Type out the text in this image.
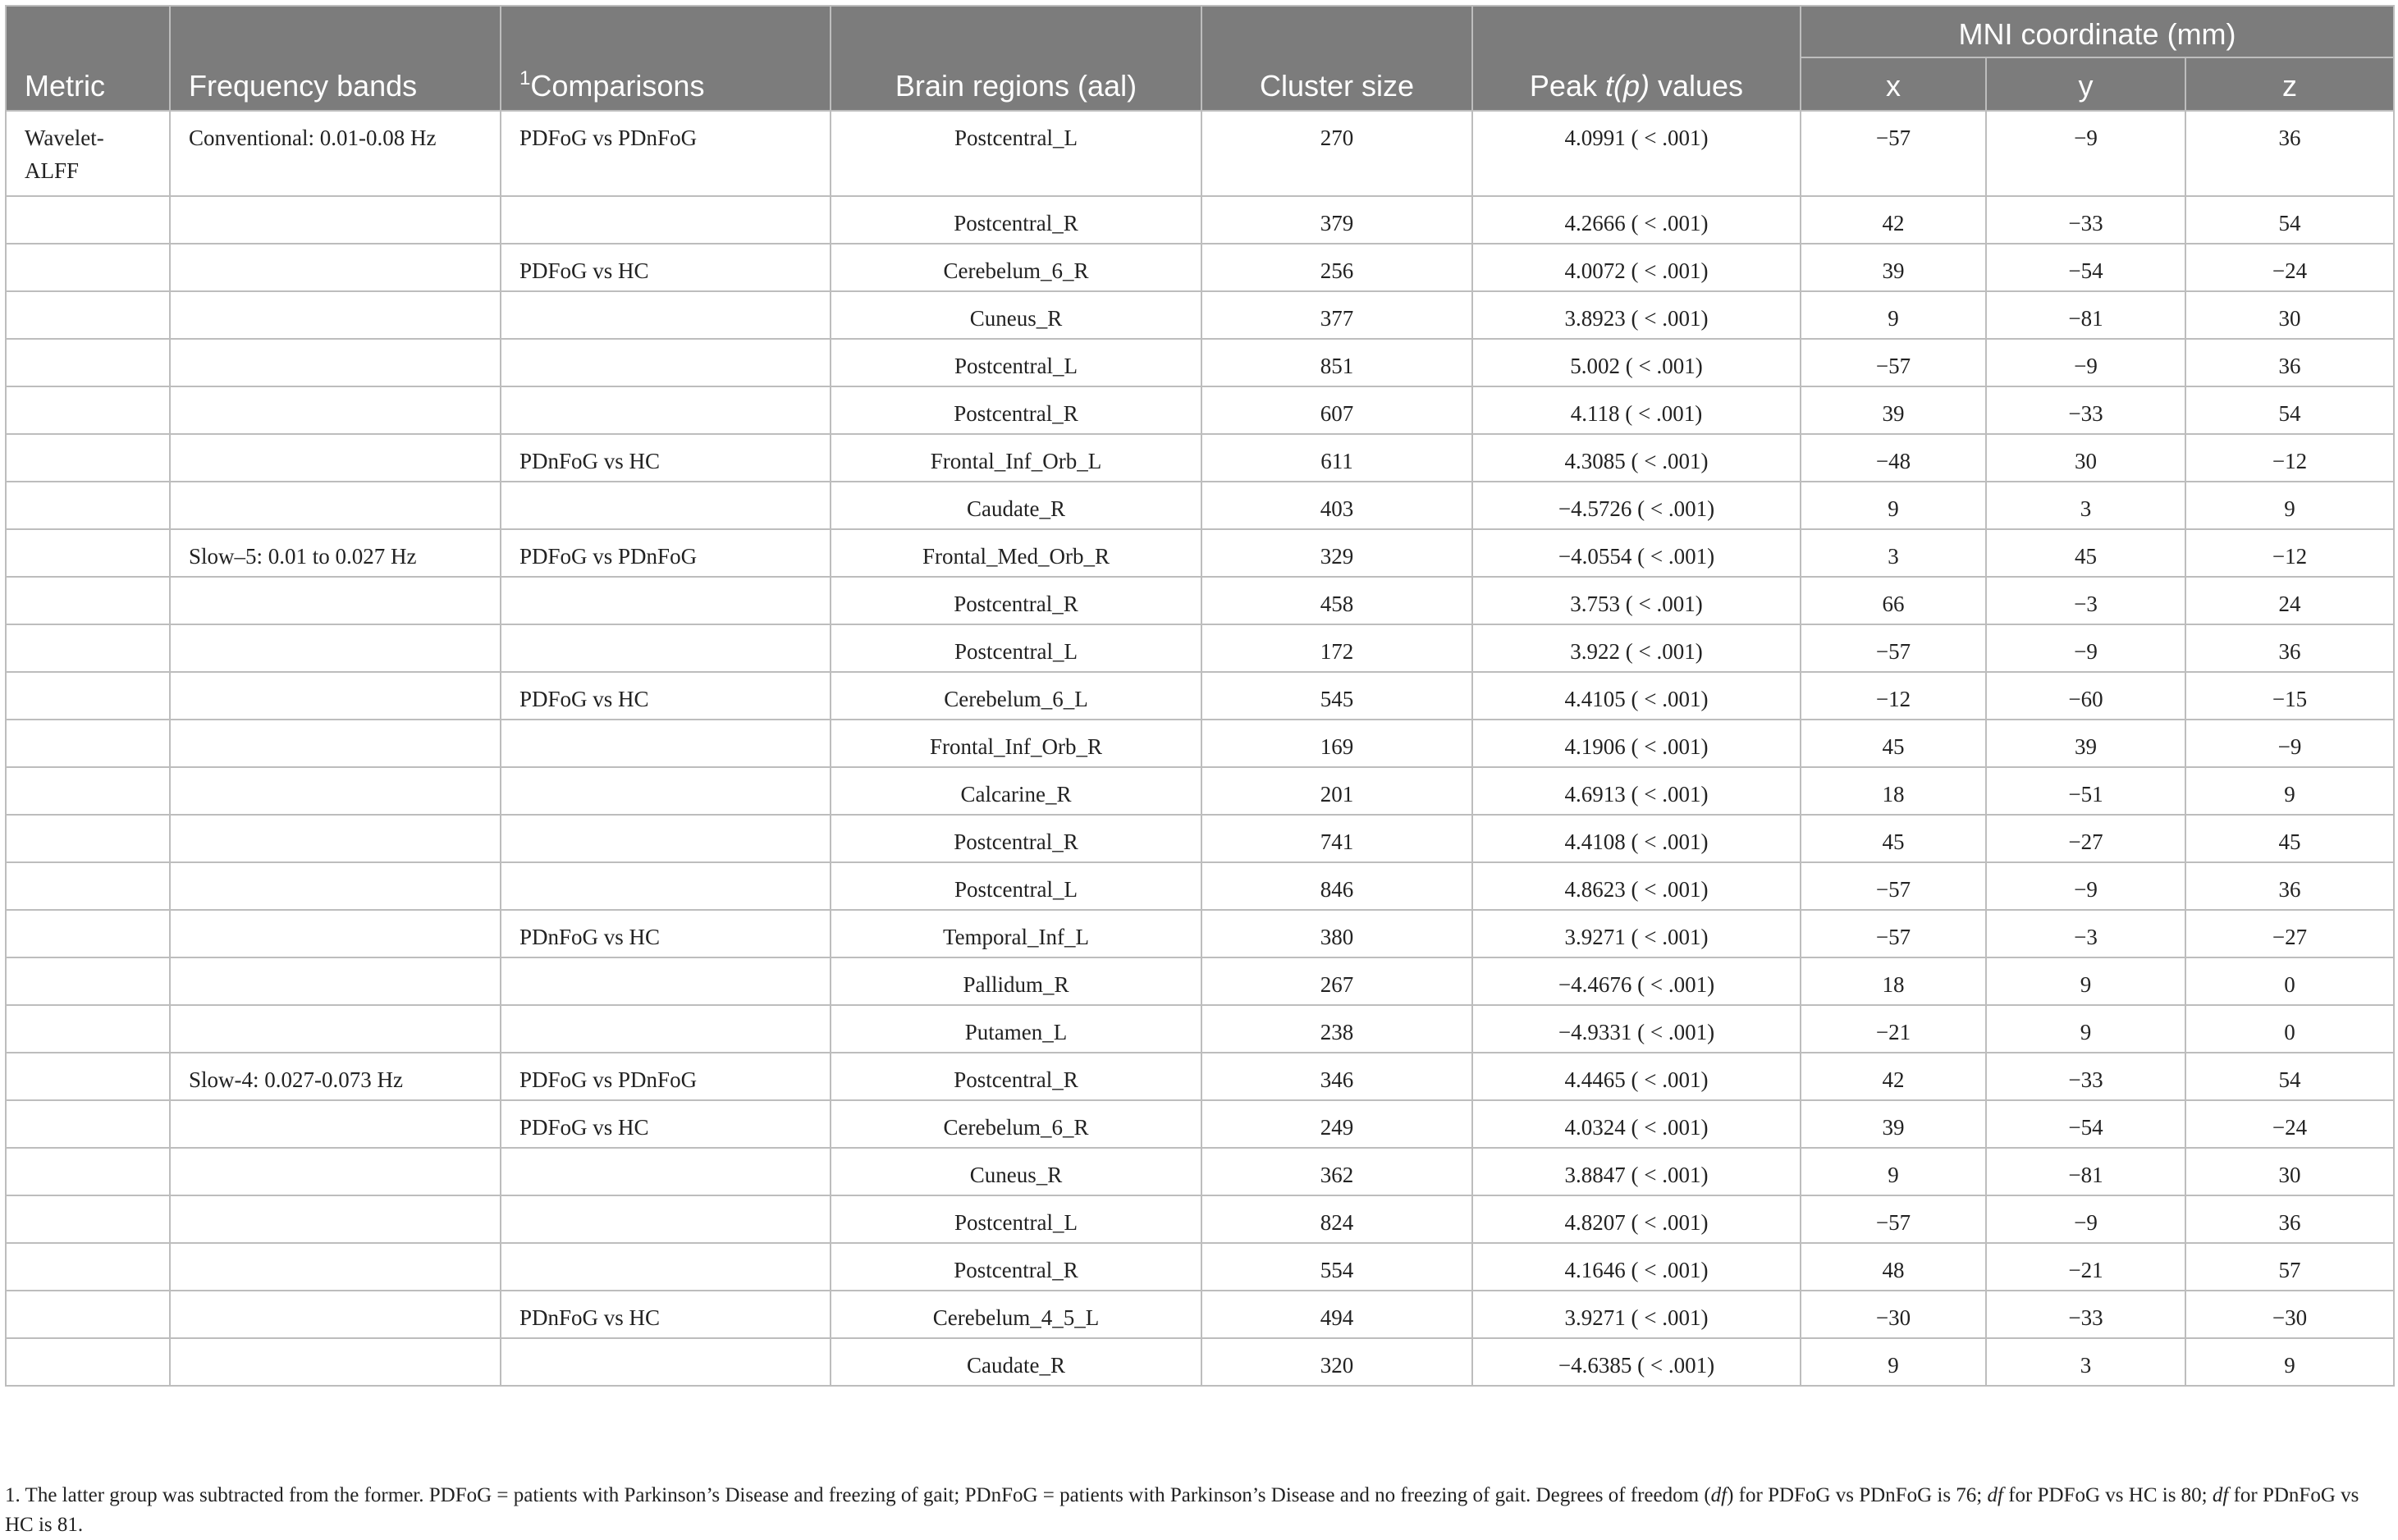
Metric	Frequency bands	$^1$Comparisons	Brain regions (aal)	Cluster size	Peak t(p) values	MNI coordinate (mm)		
						x	y	z
Wavelet-ALFF	Conventional: 0.01-0.08 Hz	PDFoG vs PDnFoG	Postcentral_L	270	4.0991 ( < .001)	−57	−9	36
			Postcentral_R	379	4.2666 ( < .001)	42	−33	54
		PDFoG vs HC	Cerebelum_6_R	256	4.0072 ( < .001)	39	−54	−24
			Cuneus_R	377	3.8923 ( < .001)	9	−81	30
			Postcentral_L	851	5.002 ( < .001)	−57	−9	36
			Postcentral_R	607	4.118 ( < .001)	39	−33	54
		PDnFoG vs HC	Frontal_Inf_Orb_L	611	4.3085 ( < .001)	−48	30	−12
			Caudate_R	403	−4.5726 ( < .001)	9	3	9
	Slow–5: 0.01 to 0.027 Hz	PDFoG vs PDnFoG	Frontal_Med_Orb_R	329	−4.0554 ( < .001)	3	45	−12
			Postcentral_R	458	3.753 ( < .001)	66	−3	24
			Postcentral_L	172	3.922 ( < .001)	−57	−9	36
		PDFoG vs HC	Cerebelum_6_L	545	4.4105 ( < .001)	−12	−60	−15
			Frontal_Inf_Orb_R	169	4.1906 ( < .001)	45	39	−9
			Calcarine_R	201	4.6913 ( < .001)	18	−51	9
			Postcentral_R	741	4.4108 ( < .001)	45	−27	45
			Postcentral_L	846	4.8623 ( < .001)	−57	−9	36
		PDnFoG vs HC	Temporal_Inf_L	380	3.9271 ( < .001)	−57	−3	−27
			Pallidum_R	267	−4.4676 ( < .001)	18	9	0
			Putamen_L	238	−4.9331 ( < .001)	−21	9	0
	Slow-4: 0.027-0.073 Hz	PDFoG vs PDnFoG	Postcentral_R	346	4.4465 ( < .001)	42	−33	54
		PDFoG vs HC	Cerebelum_6_R	249	4.0324 ( < .001)	39	−54	−24
			Cuneus_R	362	3.8847 ( < .001)	9	−81	30
			Postcentral_L	824	4.8207 ( < .001)	−57	−9	36
			Postcentral_R	554	4.1646 ( < .001)	48	−21	57
		PDnFoG vs HC	Cerebelum_4_5_L	494	3.9271 ( < .001)	−30	−33	−30
			Caudate_R	320	−4.6385 ( < .001)	9	3	9
1. The latter group was subtracted from the former. PDFoG = patients with Parkinson’s Disease and freezing of gait; PDnFoG = patients with Parkinson’s Disease and no freezing of gait. Degrees of freedom (df) for PDFoG vs PDnFoG is 76; df for PDFoG vs HC is 80; df for PDnFoG vs HC is 81.
